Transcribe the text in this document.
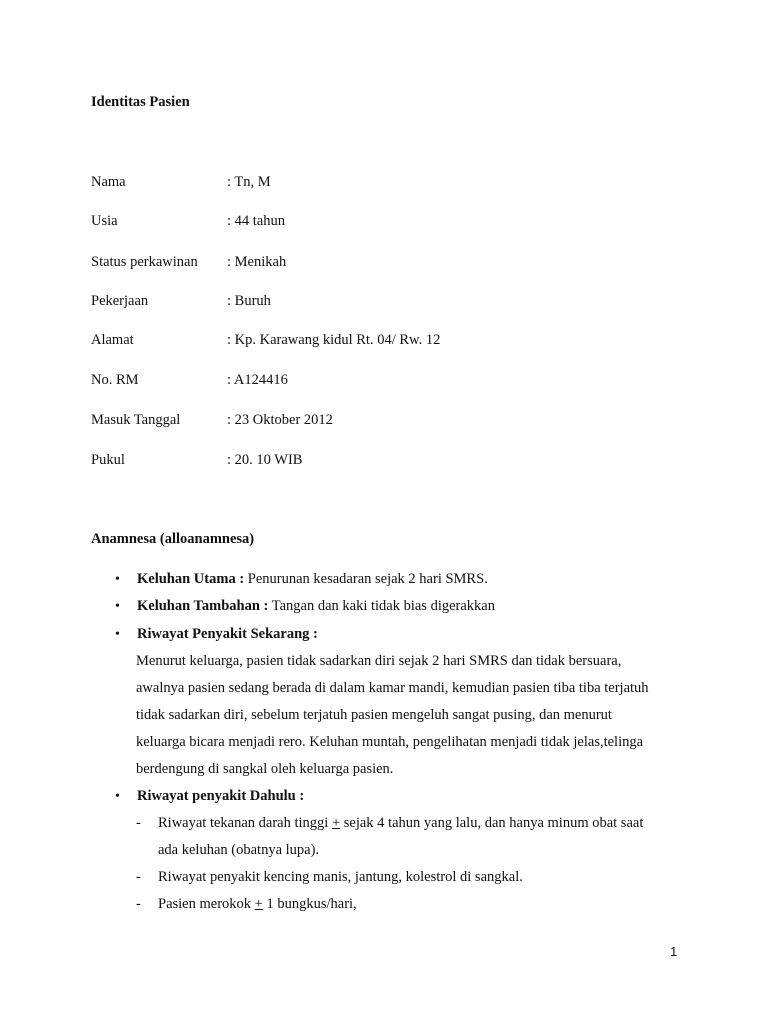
Identitas Pasien
Nama	: Tn, M
Usia	: 44 tahun
Status perkawinan : Menikah
Pekerjaan	: Buruh
Alamat	: Kp. Karawang kidul Rt. 04/ Rw. 12
No. RM	: A124416
Masuk Tanggal	: 23 Oktober 2012
Pukul	: 20. 10 WIB
Anamnesa (alloanamnesa)
• Keluhan Utama : Penurunan kesadaran sejak 2 hari SMRS.
• Keluhan Tambahan : Tangan dan kaki tidak bias digerakkan
• Riwayat Penyakit Sekarang :
Menurut keluarga, pasien tidak sadarkan diri sejak 2 hari SMRS dan tidak bersuara,
awalnya pasien sedang berada di dalam kamar mandi, kemudian pasien tiba tiba terjatuh
tidak sadarkan diri, sebelum terjatuh pasien mengeluh sangat pusing, dan menurut
keluarga bicara menjadi rero. Keluhan muntah, pengelihatan menjadi tidak jelas,telinga
berdengung di sangkal oleh keluarga pasien.
• Riwayat penyakit Dahulu :
- Riwayat tekanan darah tinggi + sejak 4 tahun yang lalu, dan hanya minum obat saat
ada keluhan (obatnya lupa).
- Riwayat penyakit kencing manis, jantung, kolestrol di sangkal.
- Pasien merokok + 1 bungkus/hari,
1
